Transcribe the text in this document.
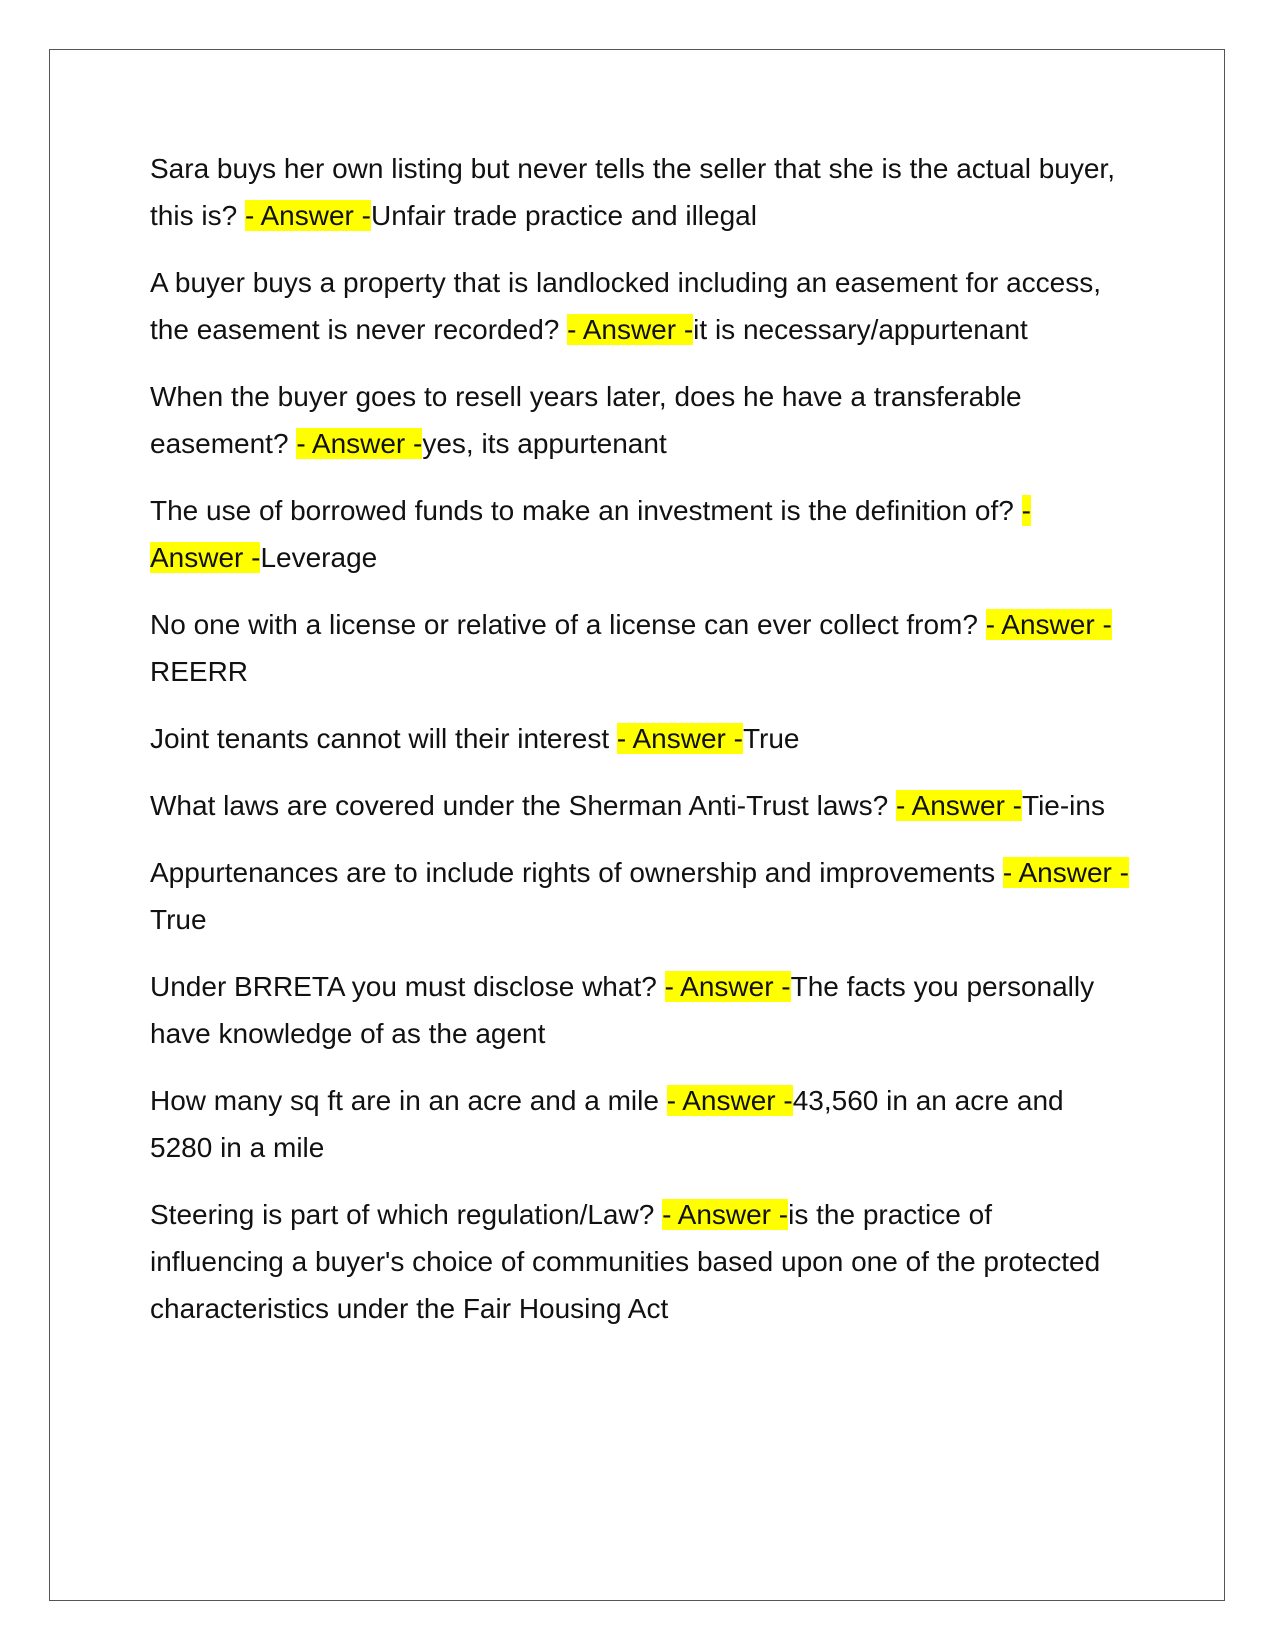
Sara buys her own listing but never tells the seller that she is the actual buyer, this is? - Answer -Unfair trade practice and illegal

A buyer buys a property that is landlocked including an easement for access, the easement is never recorded? - Answer -it is necessary/appurtenant

When the buyer goes to resell years later, does he have a transferable easement? - Answer -yes, its appurtenant

The use of borrowed funds to make an investment is the definition of? - Answer -Leverage

No one with a license or relative of a license can ever collect from? - Answer -REERR

Joint tenants cannot will their interest - Answer -True

What laws are covered under the Sherman Anti-Trust laws? - Answer -Tie-ins

Appurtenances are to include rights of ownership and improvements - Answer -True

Under BRRETA you must disclose what? - Answer -The facts you personally have knowledge of as the agent

How many sq ft are in an acre and a mile - Answer -43,560 in an acre and 5280 in a mile

Steering is part of which regulation/Law? - Answer -is the practice of influencing a buyer's choice of communities based upon one of the protected characteristics under the Fair Housing Act
